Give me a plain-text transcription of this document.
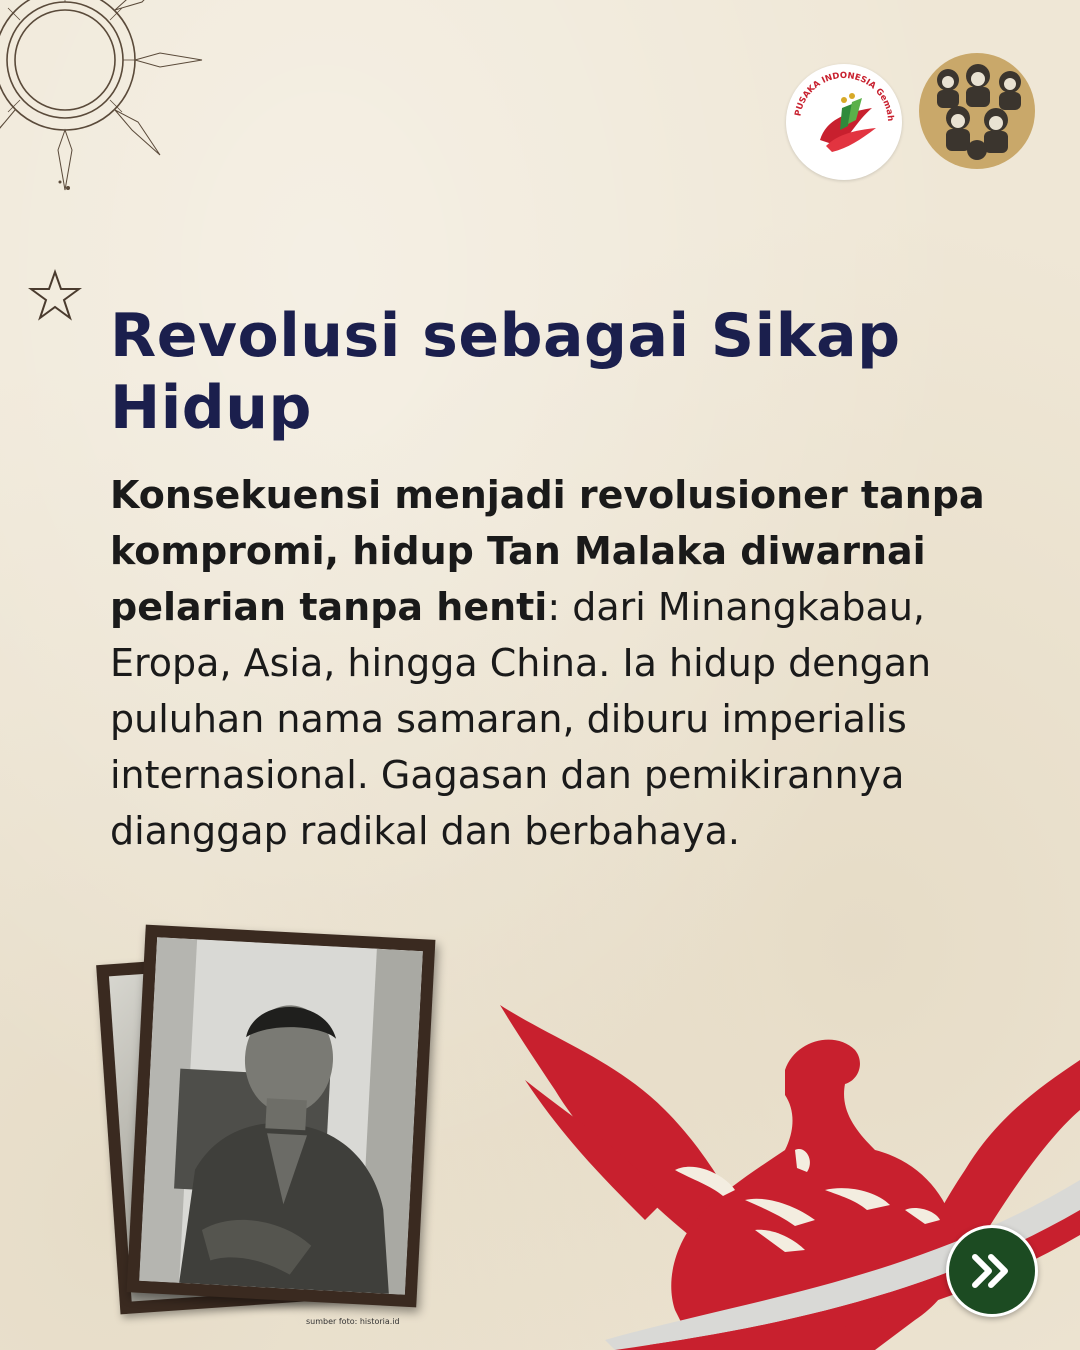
PUSAKA INDONESIA Gemah
Revolusi sebagai Sikap Hidup

Konsekuensi menjadi revolusioner tanpa kompromi, hidup Tan Malaka diwarnai pelarian tanpa henti: dari Minangkabau, Eropa, Asia, hingga China. Ia hidup dengan puluhan nama samaran, diburu imperialis internasional. Gagasan dan pemikirannya dianggap radikal dan berbahaya.

sumber foto: historia.id
